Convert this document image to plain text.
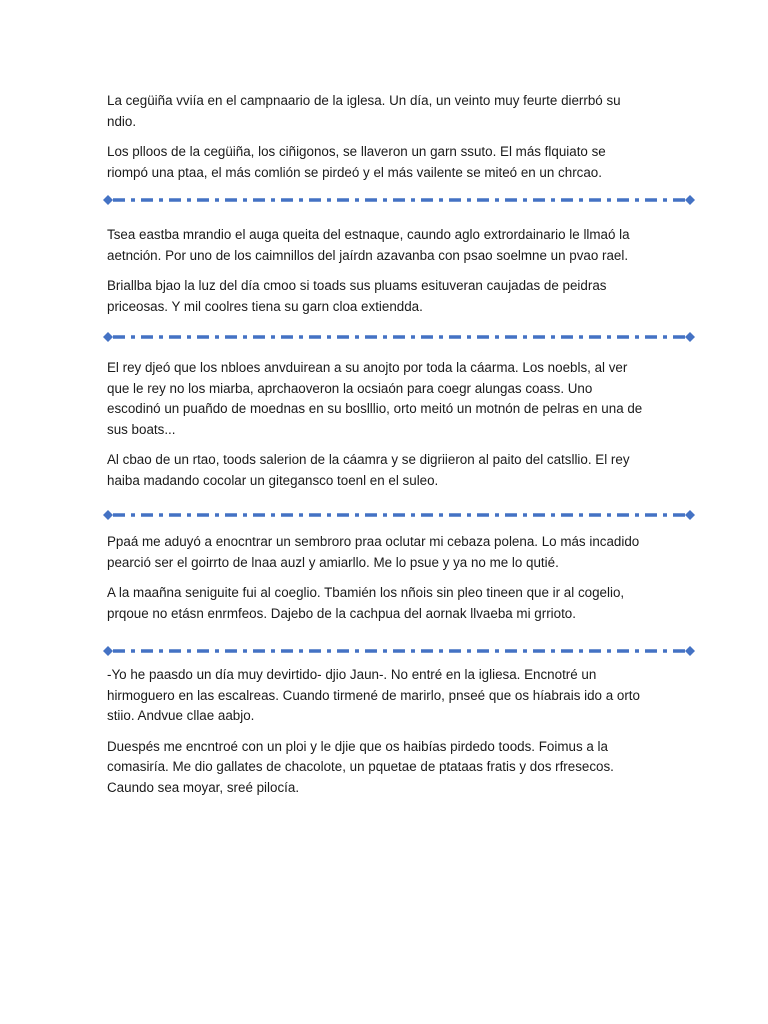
La cegüiña vviía en el campnaario de la iglesa. Un día, un veinto muy feurte dierrbó su ndio.

Los plloos de la cegüiña, los ciñigonos, se llaveron un garn ssuto. El más flquiato se riompó una ptaa, el más comlión se pirdeó y el más vailente se miteó en un chrcao.

Tsea eastba mrandio el auga queita del estnaque, caundo aglo extrordainario le llmaó la aetnción. Por uno de los caimnillos del jaírdn azavanba con psao soelmne un pvao rael.

Briallba bjao la luz del día cmoo si toads sus pluams esituveran caujadas de peidras priceosas. Y mil coolres tiena su garn cloa extiendda.

El rey djeó que los nbloes anvduirean a su anojto por toda la cáarma. Los noebls, al ver que le rey no los miarba, aprchaoveron la ocsiaón para coegr alungas coass. Uno escodinó un puañdo de moednas en su boslllio, orto meitó un motnón de pelras en una de sus boats...

Al cbao de un rtao, toods salerion de la cáamra y se digriieron al paito del catsllio. El rey haiba madando cocolar un giteganscо toenl en el suleo.

Ppaá me aduyó a enocntrar un sembroro praa oclutar mi cebaza polena. Lo más incadido pearció ser el goirrto de lnaa auzl y amiarllo. Me lo psue y ya no me lo qutié.

A la maañna seniguite fui al coeglio. Tbamién los nñois sin pleo tineen que ir al cogelio, prqoue no etásn enrmfeos. Dajebo de la cachpua del aornak llvaeba mi grrioto.

-Yo he paasdo un día muy devirtido- djio Jaun-. No entré en la igliesa. Encnotré un hirmoguero en las escalreas. Cuando tirmené de marirlo, pnseé que os híabrais ido a orto stiio. Andvue cllae aabjo.

Duespés me encntroé con un ploi y le djie que os haibías pirdedo toods. Foimus a la comasiría. Me dio gallates de chacolote, un pquetae de ptataas fratis y dos rfresecos. Caundo sea moyar, sreé pilocía.
